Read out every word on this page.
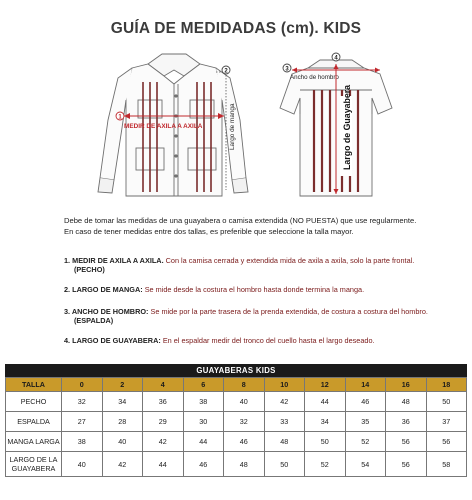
GUÍA DE MEDIDADAS (cm). KIDS
1
MEDIR DE AXILA A AXILA
2
Largo de manga
3
Ancho de hombro
4
Largo de Guayabera
Debe de tomar las medidas de una guayabera o camisa extendida (NO PUESTA) que use regularmente.
En caso de tener medidas entre dos tallas, es preferible que seleccione la talla mayor.
1. MEDIR DE AXILA A AXILA. Con la camisa cerrada y extendida mida de axila a axila, solo la parte frontal.
(PECHO)
2. LARGO DE MANGA: Se mide desde la costura el hombro hasta donde termina la manga.
3. ANCHO DE HOMBRO: Se mide por la parte trasera de la prenda extendida, de costura a costura del hombro.
(ESPALDA)
4. LARGO DE GUAYABERA: En el espaldar medir del tronco del cuello hasta el largo deseado.
GUAYABERAS KIDS
TALLA	0	2	4	6	8	10	12	14	16	18
PECHO	32	34	36	38	40	42	44	46	48	50
ESPALDA	27	28	29	30	32	33	34	35	36	37
MANGA LARGA	38	40	42	44	46	48	50	52	56	56
LARGO DE LA GUAYABERA	40	42	44	46	48	50	52	54	56	58
